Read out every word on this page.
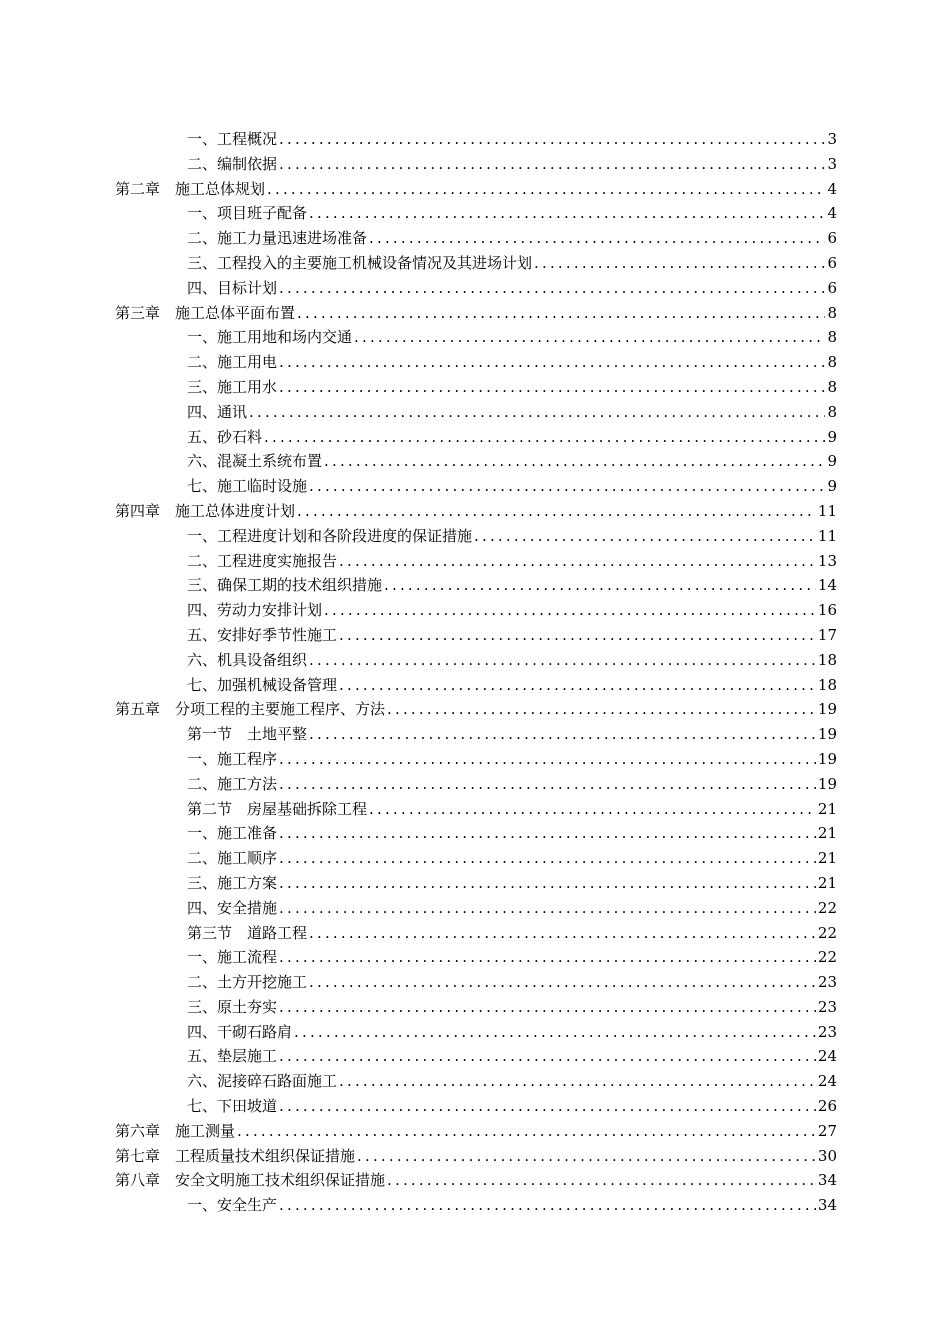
一、工程概况 .....	3
二、编制依据 .....	3
第二章　施工总体规划 .....	4
一、项目班子配备 .....	4
二、施工力量迅速进场准备 .....	6
三、工程投入的主要施工机械设备情况及其进场计划 .....	6
四、目标计划 .....	6
第三章　施工总体平面布置 .....	8
一、施工用地和场内交通 .....	8
二、施工用电 .....	8
三、施工用水 .....	8
四、通讯 .....	8
五、砂石料 .....	9
六、混凝土系统布置 .....	9
七、施工临时设施 .....	9
第四章　施工总体进度计划 .....	11
一、工程进度计划和各阶段进度的保证措施 .....	11
二、工程进度实施报告 .....	13
三、确保工期的技术组织措施 .....	14
四、劳动力安排计划 .....	16
五、安排好季节性施工 .....	17
六、机具设备组织 .....	18
七、加强机械设备管理 .....	18
第五章　分项工程的主要施工程序、方法 .....	19
第一节　土地平整 .....	19
一、施工程序 .....	19
二、施工方法 .....	19
第二节　房屋基础拆除工程 .....	21
一、施工准备 .....	21
二、施工顺序 .....	21
三、施工方案 .....	21
四、安全措施 .....	22
第三节　道路工程 .....	22
一、施工流程 .....	22
二、土方开挖施工 .....	23
三、原土夯实 .....	23
四、干砌石路肩 .....	23
五、垫层施工 .....	24
六、泥接碎石路面施工 .....	24
七、下田坡道 .....	26
第六章　施工测量 .....	27
第七章　工程质量技术组织保证措施 .....	30
第八章　安全文明施工技术组织保证措施 .....	34
一、安全生产 .....	34
